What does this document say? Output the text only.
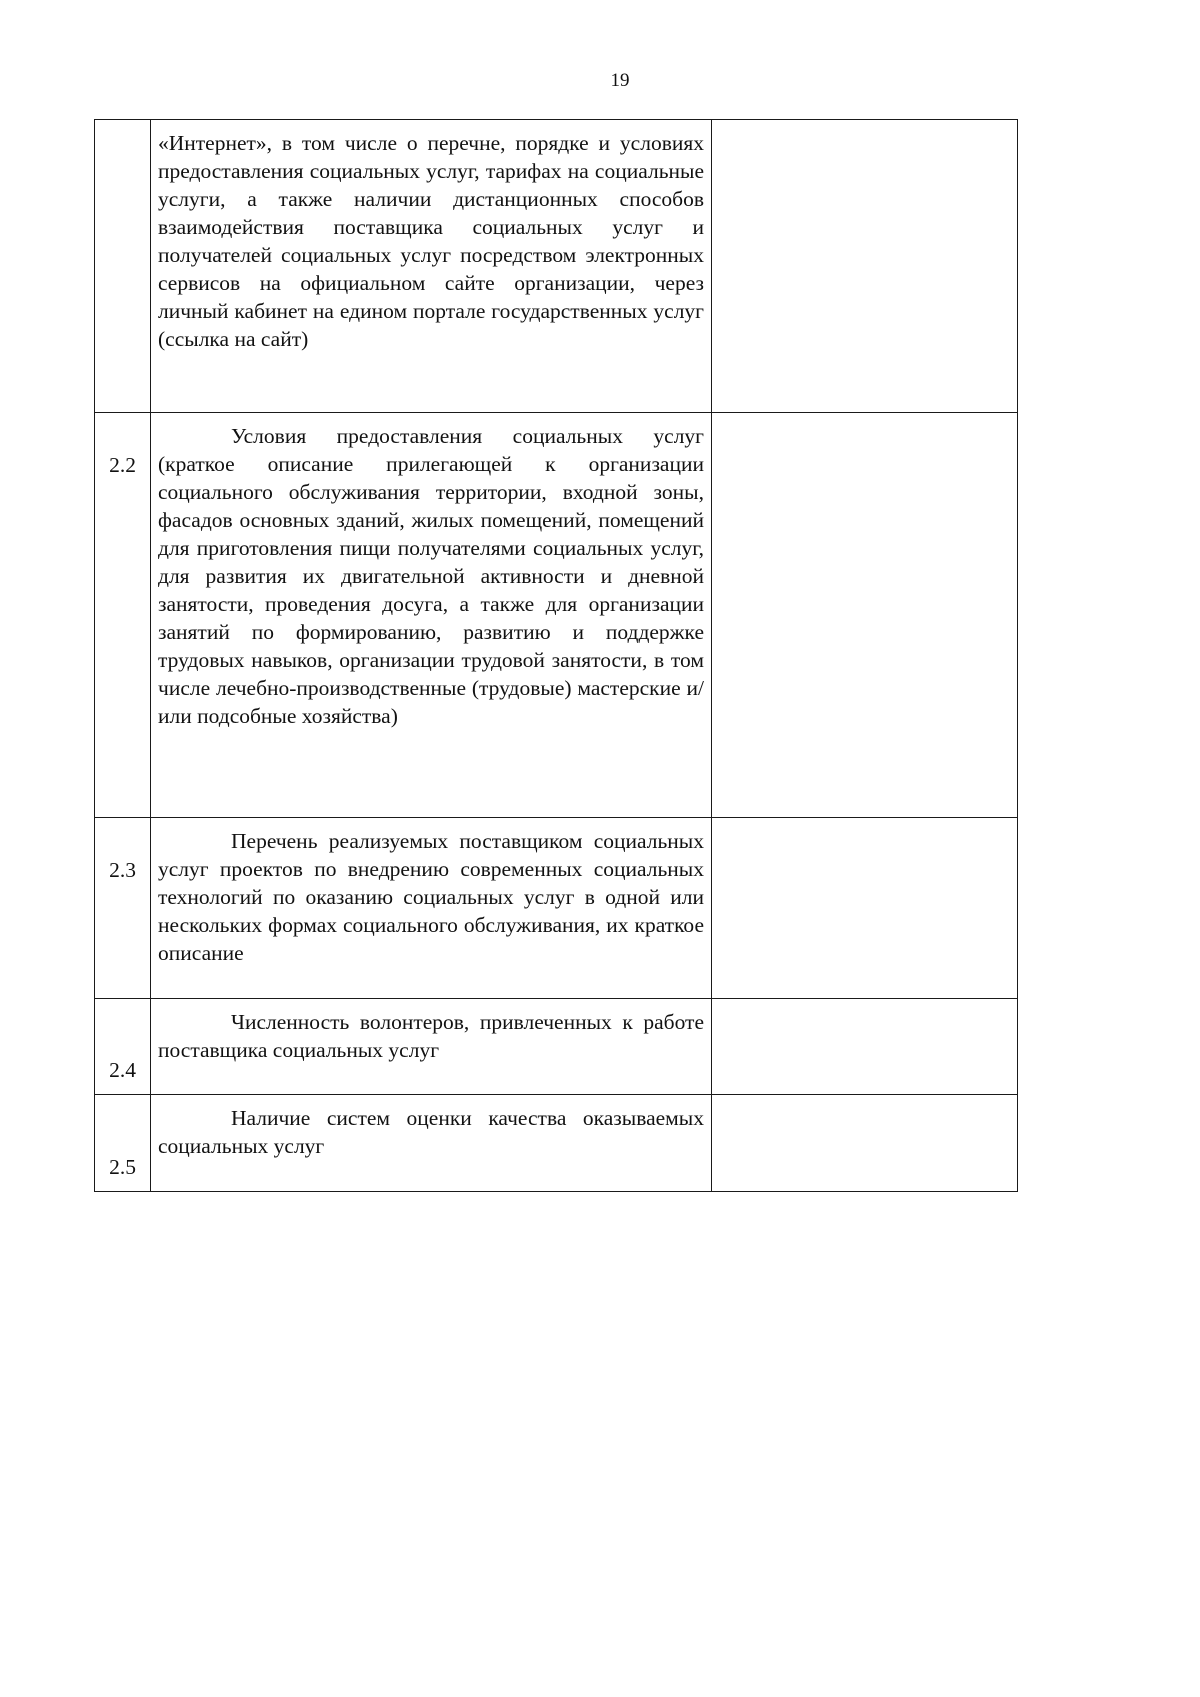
19

	«Интернет», в том числе о перечне, порядке и условиях предоставления социальных услуг, тарифах на социальные услуги, а также наличии дистанционных способов взаимодействия поставщика социальных услуг и получателей социальных услуг посредством электронных сервисов на официальном сайте организации, через личный кабинет на едином портале государственных услуг (ссылка на сайт)	

2.2	Условия предоставления социальных услуг (краткое описание прилегающей к организации социального обслуживания территории, входной зоны, фасадов основных зданий, жилых помещений, помещений для приготовления пищи получателями социальных услуг, для развития их двигательной активности и дневной занятости, проведения досуга, а также для организации занятий по формированию, развитию и поддержке трудовых навыков, организации трудовой занятости, в том числе лечебно-производственные (трудовые) мастерские и/или подсобные хозяйства)	

2.3	Перечень реализуемых поставщиком социальных услуг проектов по внедрению современных социальных технологий по оказанию социальных услуг в одной или нескольких формах социального обслуживания, их краткое описание	

2.4	Численность волонтеров, привлеченных к работе поставщика социальных услуг	

2.5	Наличие систем оценки качества оказываемых социальных услуг	
